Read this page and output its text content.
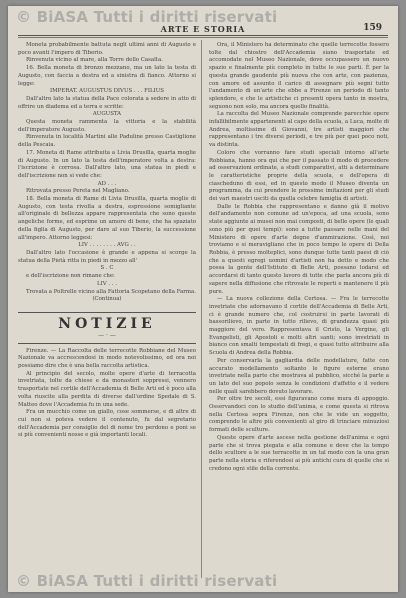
© BiASA Tutti i diritti riservati
ARTE E STORIA	159

Moneta probabilmente battuta negli ultimi anni di Augusto e poco avanti l'impero di Tiberio.

Rinvenuta vicino al mare, alla Torre dello Casalta.

16. Bella moneta di bronzo mezzano, ma un lato la testa di Augusto, con faccia a destra ed a sinistra di fianco. Attorno si legge:

IMPERAT. AUGUSTUS DIVUS . . . FILIUS

Dall'altro lato la statua della Pace colorata a sedere in atto di offrire un diadema ed a terra e scritte:

AUGUSTA

Questa moneta rammenta la vittoria e la stabilità dell'imperatore Augusto.

Rinvenuta in località Martini alle Paduline presso Castiglione della Pescaia.

17. Moneta di Rame attribuita a Livia Drusilla, quarta moglie di Augusto. In un lato la testa dell'imperatore volta a destra: l'iscrizione è corrosa. Dall'altro lato, una statua in piedi e dell'iscrizione non si vede che:

AD . . .

Ritrovata presso Pereta nel Magliano.

18. Bella moneta di Rame di Livia Drusilla, quarta moglie di Augusto, con testa rivolta a destra, espressione somigliante all'originale di bellezza appare rappresentata che sono queste angeliche forme, ed esprime un amore di bene, che ha spaziato della figlia di Augusto, per dare al suo Tiberio, la successione all'impero. Attorno leggesi:

LIV . . . . . . . . AVG . .

Dall'altro lato l'occasione è grande e appena si scorge la statua della Pietà ritta in piedi in mezzo all'

S . C

e dell'iscrizione non rimane che:

LIV . . .

Trovata a Poltrelle vicino alla Fattoria Scopetano della Farma.

(Continua)

NOTIZIE
— · —

Firenze. — La Raccolta delle terrecotte Robbiane del Museo Nazionale va accrescendosi in modo notevolissimo, ed ora noi possiamo dire che è una bella raccolta artistica.

Al principio del secolo, molte opere d'arte di terracotta invetriata, tolte da chiese e da monasteri soppressi, vennero trasportate nel cortile dell'Accademia di Belle Arti ed è poco alla volta riuscite alla perdita di diverse dall'ordine Spedale di S. Matteo dove l'Accademia fu in una sede.

Fra un mucchio come un giallo, cose sommerse, e di altre di cui non si poteva vedere il contenuto, fu dal segretario dell'Accademia per consiglio del di nome tro perdono e poni se si più convenienti nosse e già importanti locali.

Ora, il Ministero ha determinato che quelle terrecotte fossero tolte dal chiostro dell'Accademia siano trasportate ed accomodate nel Museo Nazionale, dove occupassero un nuovo spazio e finalmente più completo in tutte le sue parti. È per la questa grande gaudente più nuova che con arte, con pazienza, con amore ed assunto il carico di assegnare più segni tutto l'andamento di un'arte che ebbe a Firenze un periodo di tanto splendore, e che le artistiche ci presenti opera tanto in mostra, seguono non solo, ma ancora quello finalità.

La raccolta del Museo Nazionale comprende parecchie opere infallibilmente appartenenti al capo della scuola, a Luca, molte di Andrea, moltissime di Giovanni, tre artisti maggiori che rappresentano i tre diversi periodi, e tre più per quei poco noti, va distinta.

Coloro che vorranno fare studi speciali intorno all'arte Robbiana, hanno ora qui che per il passato il modo di procedere ad osservazioni ordinate, a studi comparativi, atti a determinare le caratteristiche proprie della scuola, e dell'opera di ciascheduno di essi, ed in questo modo il Museo diventa un programma, da cui prendere le prossime imitazioni per gli studi dei vari maestri usciti da quella celebre famiglia di artisti.

Dalle le Robbia che rappresentano e danno già il motivo dell'andamento non comune ad un'epoca, ad una scuola, sono state aggiunte ai musei non mai composti, di belle opere (le quali sono più per quei tempi): sono a tutte passare nelle mani del Ministero di opere d'arte degne d'ammirazione. Così, noi troviamo e si meravigliano che in poco tempo le opere di Della Robbia, è presso molteplici, sono dunque tutte tanti paesi di ciò che a questi egregi uomini d'artisti non ha detto e modo che possa la gente dell'Istituto di Belle Arti, possano lodarsi ed accordarsi di tanto questo lavoro di tutte che parla ancora più di sapere nella diffusione che ritrovate le reperti e mantenere il più pure.

— La nuova collezione della Certosa. — Fra le terrecotte invetriate che adornavano il cortile dell'Accademia di Belle Arti, ci è grande numero che, col costruirsi in parte lavorati di bassorilievo, in parte in tutto rilievo, di grandezza quasi più maggiore del vero. Rappresentava il Cristo, la Vergine, gli Evangelisti, gli Apostoli e molti altri santi; sono invetriati in bianco con smalti tempestati di fregi, e quasi tutto attribuire alla Scuola di Andrea della Robbia.

Per conservarla la gagliardia delle modellature, fatte con accurato modellamento soltanto le figure esterne erano invetriate nella parte che mostrava al pubblico, sicché la parte a un lato del suo popolo senza le condizioni d'affetto e il vedere nelle quali sarebbero dovuto lavorare.

Per oltre tre secoli, essi figuravano come mura di appoggio. Osservandoci con lo studio dell'anima, e come questa si ritrova nella Certosa sopra Firenze, non che le vide un soggetto, comprendo le altre più convenienti al giro di trinciare minuziosi formati delle sculture.

Queste opere d'arte ascese nella gestione dell'anima e ogni parte che si trova piegata e alla comune e deve che la tempo dello scultore a le sue terracotte in un tal modo con la una gran parte nella storia e riferendosi ai più antichi cura di quelle che si credono ogni stile della corrente.

© BiASA Tutti i diritti riservati
